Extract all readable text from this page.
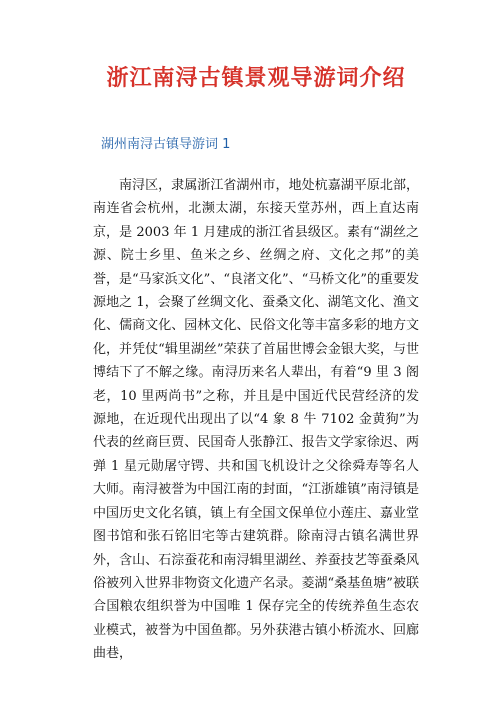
浙江南浔古镇景观导游词介绍
湖州南浔古镇导游词 1

南浔区，隶属浙江省湖州市，地处杭嘉湖平原北部，南连省会杭州，北濒太湖，东接天堂苏州，西上直达南京，是 2003 年 1 月建成的浙江省县级区。素有“湖丝之源、院士乡里、鱼米之乡、丝绸之府、文化之邦”的美誉，是“马家浜文化”、“良渚文化”、“马桥文化”的重要发源地之 1，会聚了丝绸文化、蚕桑文化、湖笔文化、渔文化、儒商文化、园林文化、民俗文化等丰富多彩的地方文化，并凭仗“辑里湖丝”荣获了首届世博会金银大奖，与世博结下了不解之缘。南浔历来名人辈出，有着“9 里 3 阁老，10 里两尚书”之称，并且是中国近代民营经济的发源地，在近现代出现出了以“4 象 8 牛 7102 金黄狗”为代表的丝商巨贾、民国奇人张静江、报告文学家徐迟、两弹 1 星元勋屠守锷、共和国飞机设计之父徐舜寿等名人大师。南浔被誉为中国江南的封面，“江浙雄镇”南浔镇是中国历史文化名镇，镇上有全国文保单位小莲庄、嘉业堂图书馆和张石铭旧宅等古建筑群。除南浔古镇名满世界外，含山、石淙蚕花和南浔辑里湖丝、养蚕技艺等蚕桑风俗被列入世界非物资文化遗产名录。菱湖“桑基鱼塘”被联合国粮农组织誉为中国唯 1 保存完全的传统养鱼生态农业模式，被誉为中国鱼都。另外获港古镇小桥流水、回廊曲巷，
